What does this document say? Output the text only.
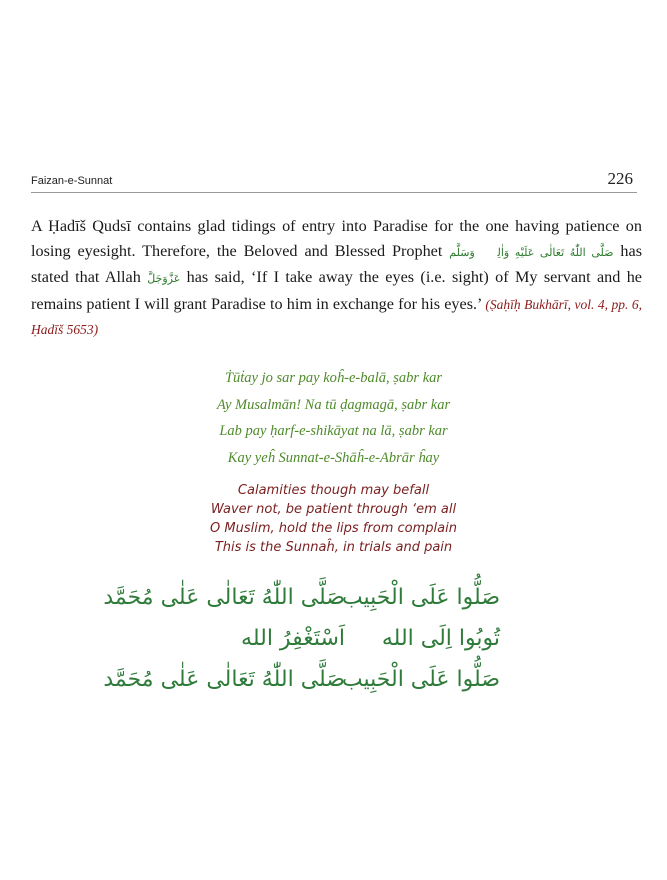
Faizan-e-Sunnat	226
A Ḥadīš Qudsī contains glad tidings of entry into Paradise for the one having patience on losing eyesight. Therefore, the Beloved and Blessed Prophet صَلَّى اللّٰهُ تَعَالٰى عَلَيْهِ وَاٰلِهٖ وَسَلَّم has stated that Allah عَزَّوَجَلَّ has said, ‘If I take away the eyes (i.e. sight) of My servant and he remains patient I will grant Paradise to him in exchange for his eyes.’ (Ṣaḥīḥ Bukhārī, vol. 4, pp. 6, Ḥadīš 5653)
Ṫūṫay jo sar pay koĥ-e-balā, ṣabr kar
Ay Musalmān! Na tū ḍagmagā, ṣabr kar
Lab pay ḥarf-e-shikāyat na lā, ṣabr kar
Kay yeĥ Sunnat-e-Shāĥ-e-Abrār ĥay
Calamities though may befall
Waver not, be patient through ‘em all
O Muslim, hold the lips from complain
This is the Sunnaĥ, in trials and pain
صَلُّوا عَلَى الْحَبِيب
صَلَّى اللّٰهُ تَعَالٰى عَلٰى مُحَمَّد
تُوبُوا اِلَى الله
اَسْتَغْفِرُ الله
صَلُّوا عَلَى الْحَبِيب
صَلَّى اللّٰهُ تَعَالٰى عَلٰى مُحَمَّد
